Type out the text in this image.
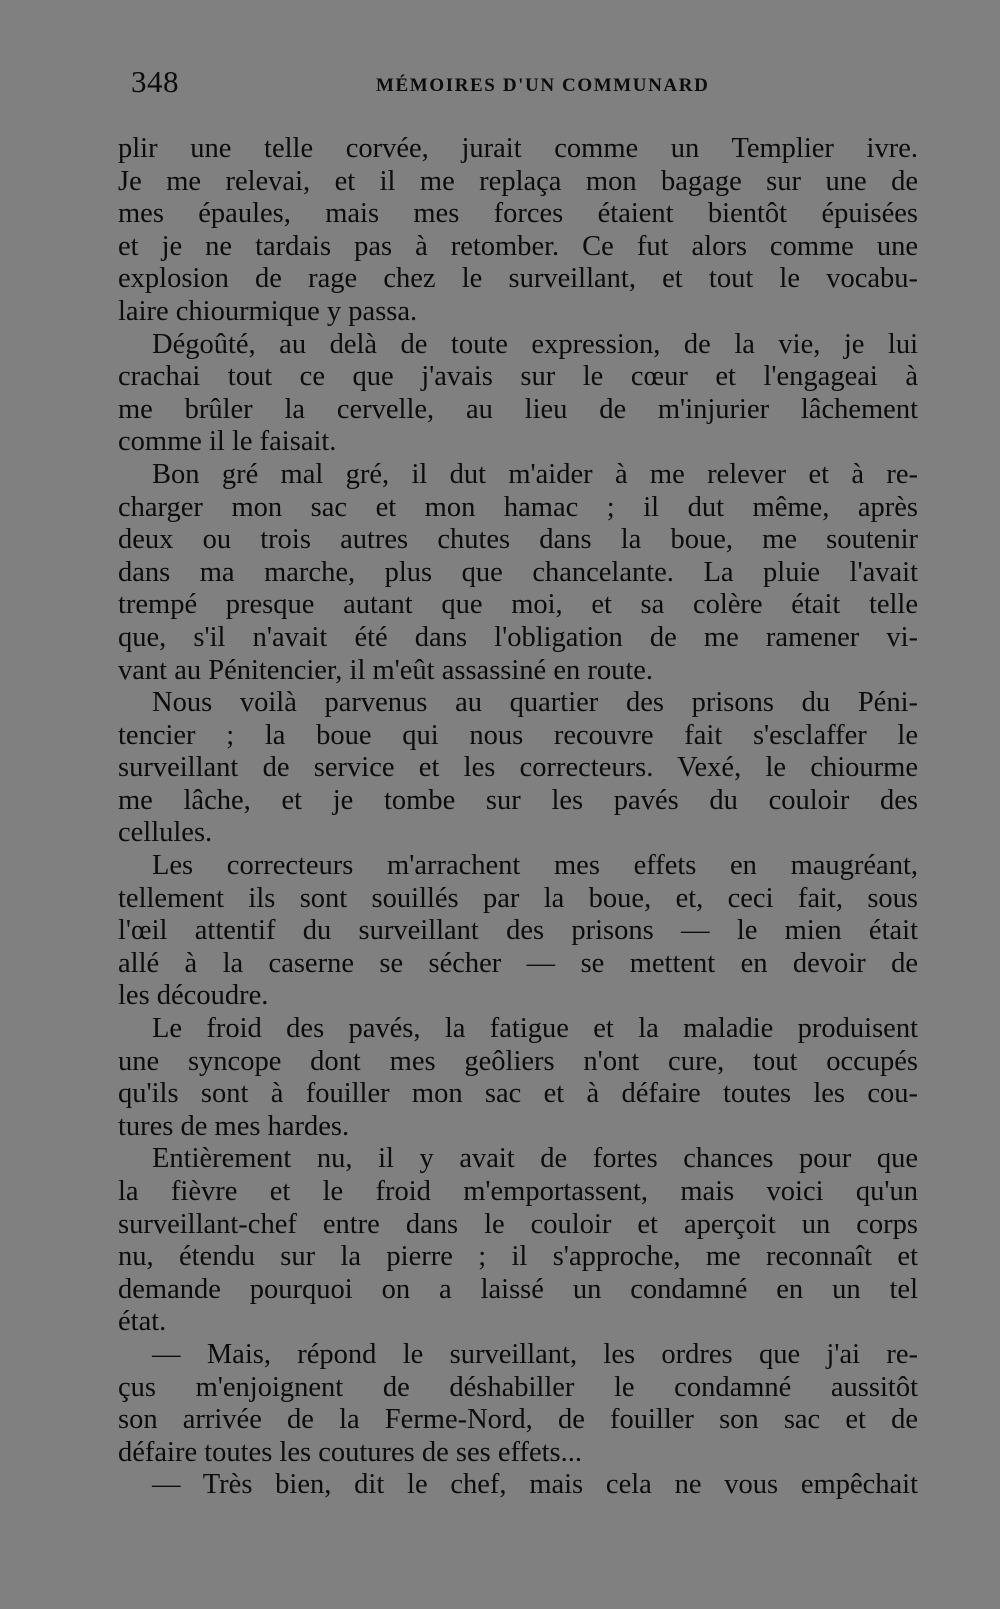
348	MÉMOIRES D'UN COMMUNARD
plir une telle corvée, jurait comme un Templier ivre.
Je me relevai, et il me replaça mon bagage sur une de
mes épaules, mais mes forces étaient bientôt épuisées
et je ne tardais pas à retomber. Ce fut alors comme une
explosion de rage chez le surveillant, et tout le vocabu-
laire chiourmique y passa.
Dégoûté, au delà de toute expression, de la vie, je lui
crachai tout ce que j'avais sur le cœur et l'engageai à
me brûler la cervelle, au lieu de m'injurier lâchement
comme il le faisait.
Bon gré mal gré, il dut m'aider à me relever et à re-
charger mon sac et mon hamac ; il dut même, après
deux ou trois autres chutes dans la boue, me soutenir
dans ma marche, plus que chancelante. La pluie l'avait
trempé presque autant que moi, et sa colère était telle
que, s'il n'avait été dans l'obligation de me ramener vi-
vant au Pénitencier, il m'eût assassiné en route.
Nous voilà parvenus au quartier des prisons du Péni-
tencier ; la boue qui nous recouvre fait s'esclaffer le
surveillant de service et les correcteurs. Vexé, le chiourme
me lâche, et je tombe sur les pavés du couloir des
cellules.
Les correcteurs m'arrachent mes effets en maugréant,
tellement ils sont souillés par la boue, et, ceci fait, sous
l'œil attentif du surveillant des prisons — le mien était
allé à la caserne se sécher — se mettent en devoir de
les découdre.
Le froid des pavés, la fatigue et la maladie produisent
une syncope dont mes geôliers n'ont cure, tout occupés
qu'ils sont à fouiller mon sac et à défaire toutes les cou-
tures de mes hardes.
Entièrement nu, il y avait de fortes chances pour que
la fièvre et le froid m'emportassent, mais voici qu'un
surveillant-chef entre dans le couloir et aperçoit un corps
nu, étendu sur la pierre ; il s'approche, me reconnaît et
demande pourquoi on a laissé un condamné en un tel
état.
— Mais, répond le surveillant, les ordres que j'ai re-
çus m'enjoignent de déshabiller le condamné aussitôt
son arrivée de la Ferme-Nord, de fouiller son sac et de
défaire toutes les coutures de ses effets...
— Très bien, dit le chef, mais cela ne vous empêchait
